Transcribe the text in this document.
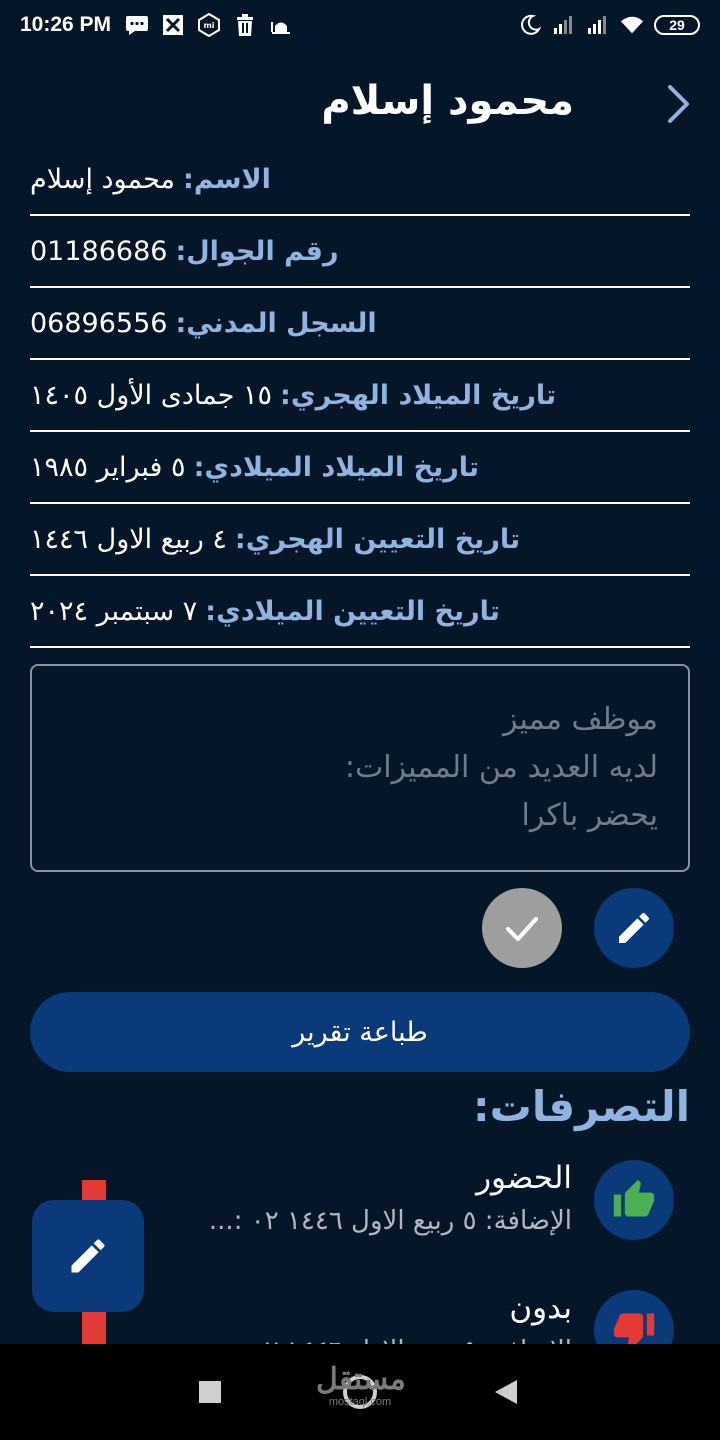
10:26 PM	mi	29
محمود إسلام
الاسم:
محمود إسلام
رقم الجوال:
01186686
السجل المدني:
06896556
تاريخ الميلاد الهجري:
١٥ جمادى الأول ١٤٠٥
تاريخ الميلاد الميلادي:
٥ فبراير ١٩٨٥
تاريخ التعيين الهجري:
٤ ربيع الاول ١٤٤٦
تاريخ التعيين الميلادي:
٧ سبتمبر ٢٠٢٤
موظف مميز
لديه العديد من المميزات:
يحضر باكرا
طباعة تقرير
التصرفات:
الحضور
الإضافة: ٥ ربيع الاول ١٤٤٦ ٠٢ :...
بدون
مستقل
mostaql.com
